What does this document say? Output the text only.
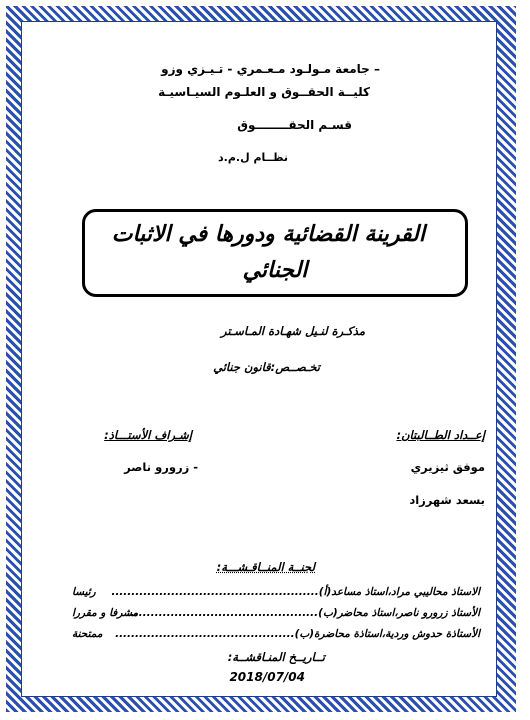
– جامعة مـولـود مـعـمري - تـيـزي وزو
كليــة الحقــوق و العلـوم السيـاسيـة
قسـم الحقــــــــوق
نظــام ل.م.د
القرينة القضائية ودورها في الاثبات
الجنائي
مذكـرة لنـيل شهـادة المـاسـتر
تخـصــص:قانون جنائي
إعــداد الطــالبتان:
موفق ثيزيري
بسعد شهرزاد
إشـراف الأستـــاذ:
- زرورو ناصر
لجنــة المنــاقـشـــة:
الاستاذ محاليبي مراد،استاذ مساعد(أ)....................................................
رئيسا
الأستاذ زرورو ناصر،استاذ محاضر(ب)................................................
مشرفا و مقررا
الأستاذة حدوش وردية،استاذة محاضرة(ب).............................................
ممتحنة
تــاريــخ المنـاقشــة:
2018/07/04
